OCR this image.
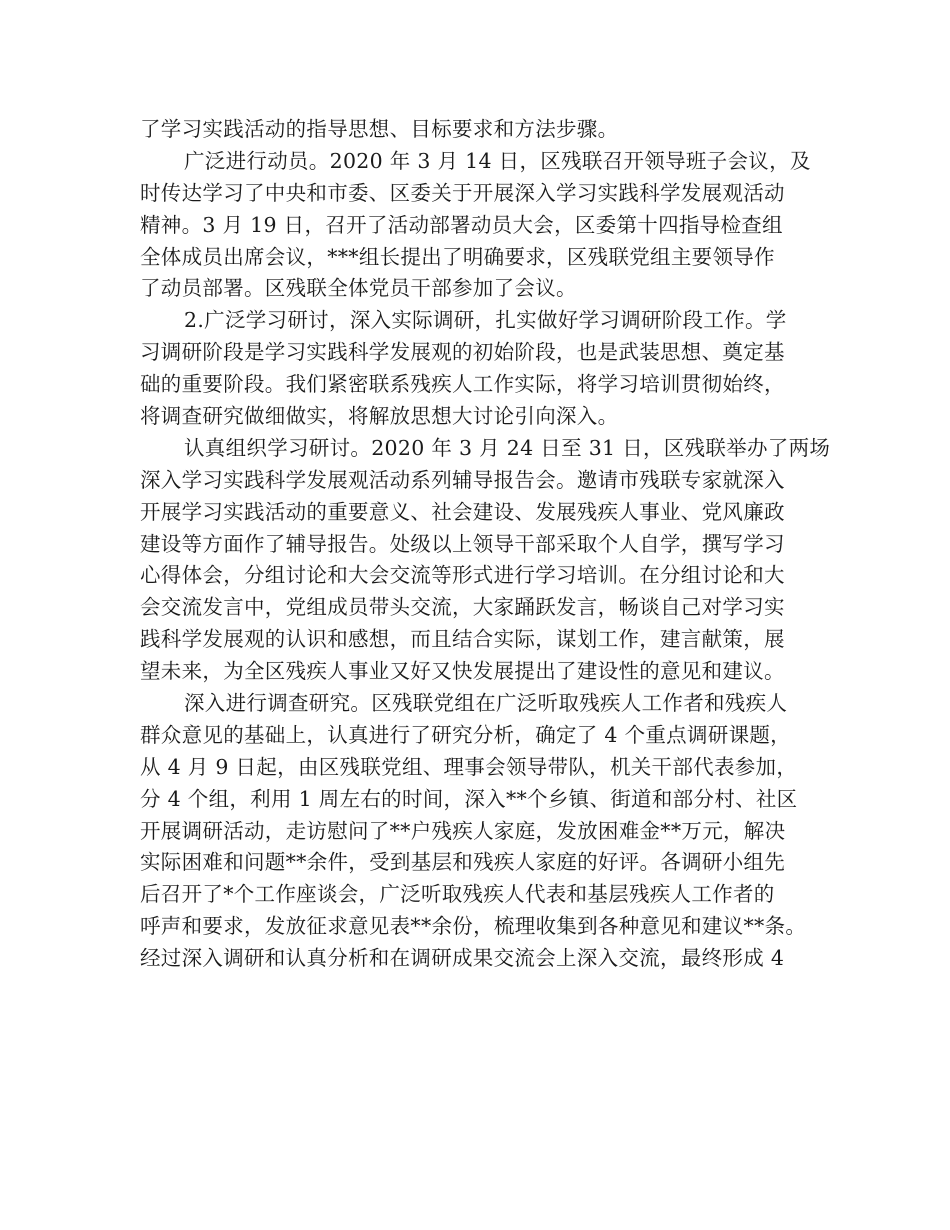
了学习实践活动的指导思想、目标要求和方法步骤。
广泛进行动员。2020 年 3 月 14 日，区残联召开领导班子会议，及
时传达学习了中央和市委、区委关于开展深入学习实践科学发展观活动
精神。3 月 19 日，召开了活动部署动员大会，区委第十四指导检查组
全体成员出席会议，***组长提出了明确要求，区残联党组主要领导作
了动员部署。区残联全体党员干部参加了会议。
2.广泛学习研讨，深入实际调研，扎实做好学习调研阶段工作。学
习调研阶段是学习实践科学发展观的初始阶段，也是武装思想、奠定基
础的重要阶段。我们紧密联系残疾人工作实际，将学习培训贯彻始终，
将调查研究做细做实，将解放思想大讨论引向深入。
认真组织学习研讨。2020 年 3 月 24 日至 31 日，区残联举办了两场
深入学习实践科学发展观活动系列辅导报告会。邀请市残联专家就深入
开展学习实践活动的重要意义、社会建设、发展残疾人事业、党风廉政
建设等方面作了辅导报告。处级以上领导干部采取个人自学，撰写学习
心得体会，分组讨论和大会交流等形式进行学习培训。在分组讨论和大
会交流发言中，党组成员带头交流，大家踊跃发言，畅谈自己对学习实
践科学发展观的认识和感想，而且结合实际，谋划工作，建言献策，展
望未来，为全区残疾人事业又好又快发展提出了建设性的意见和建议。
深入进行调查研究。区残联党组在广泛听取残疾人工作者和残疾人
群众意见的基础上，认真进行了研究分析，确定了 4 个重点调研课题，
从 4 月 9 日起，由区残联党组、理事会领导带队，机关干部代表参加，
分 4 个组，利用 1 周左右的时间，深入**个乡镇、街道和部分村、社区
开展调研活动，走访慰问了**户残疾人家庭，发放困难金**万元，解决
实际困难和问题**余件，受到基层和残疾人家庭的好评。各调研小组先
后召开了*个工作座谈会，广泛听取残疾人代表和基层残疾人工作者的
呼声和要求，发放征求意见表**余份，梳理收集到各种意见和建议**条。
经过深入调研和认真分析和在调研成果交流会上深入交流，最终形成 4
